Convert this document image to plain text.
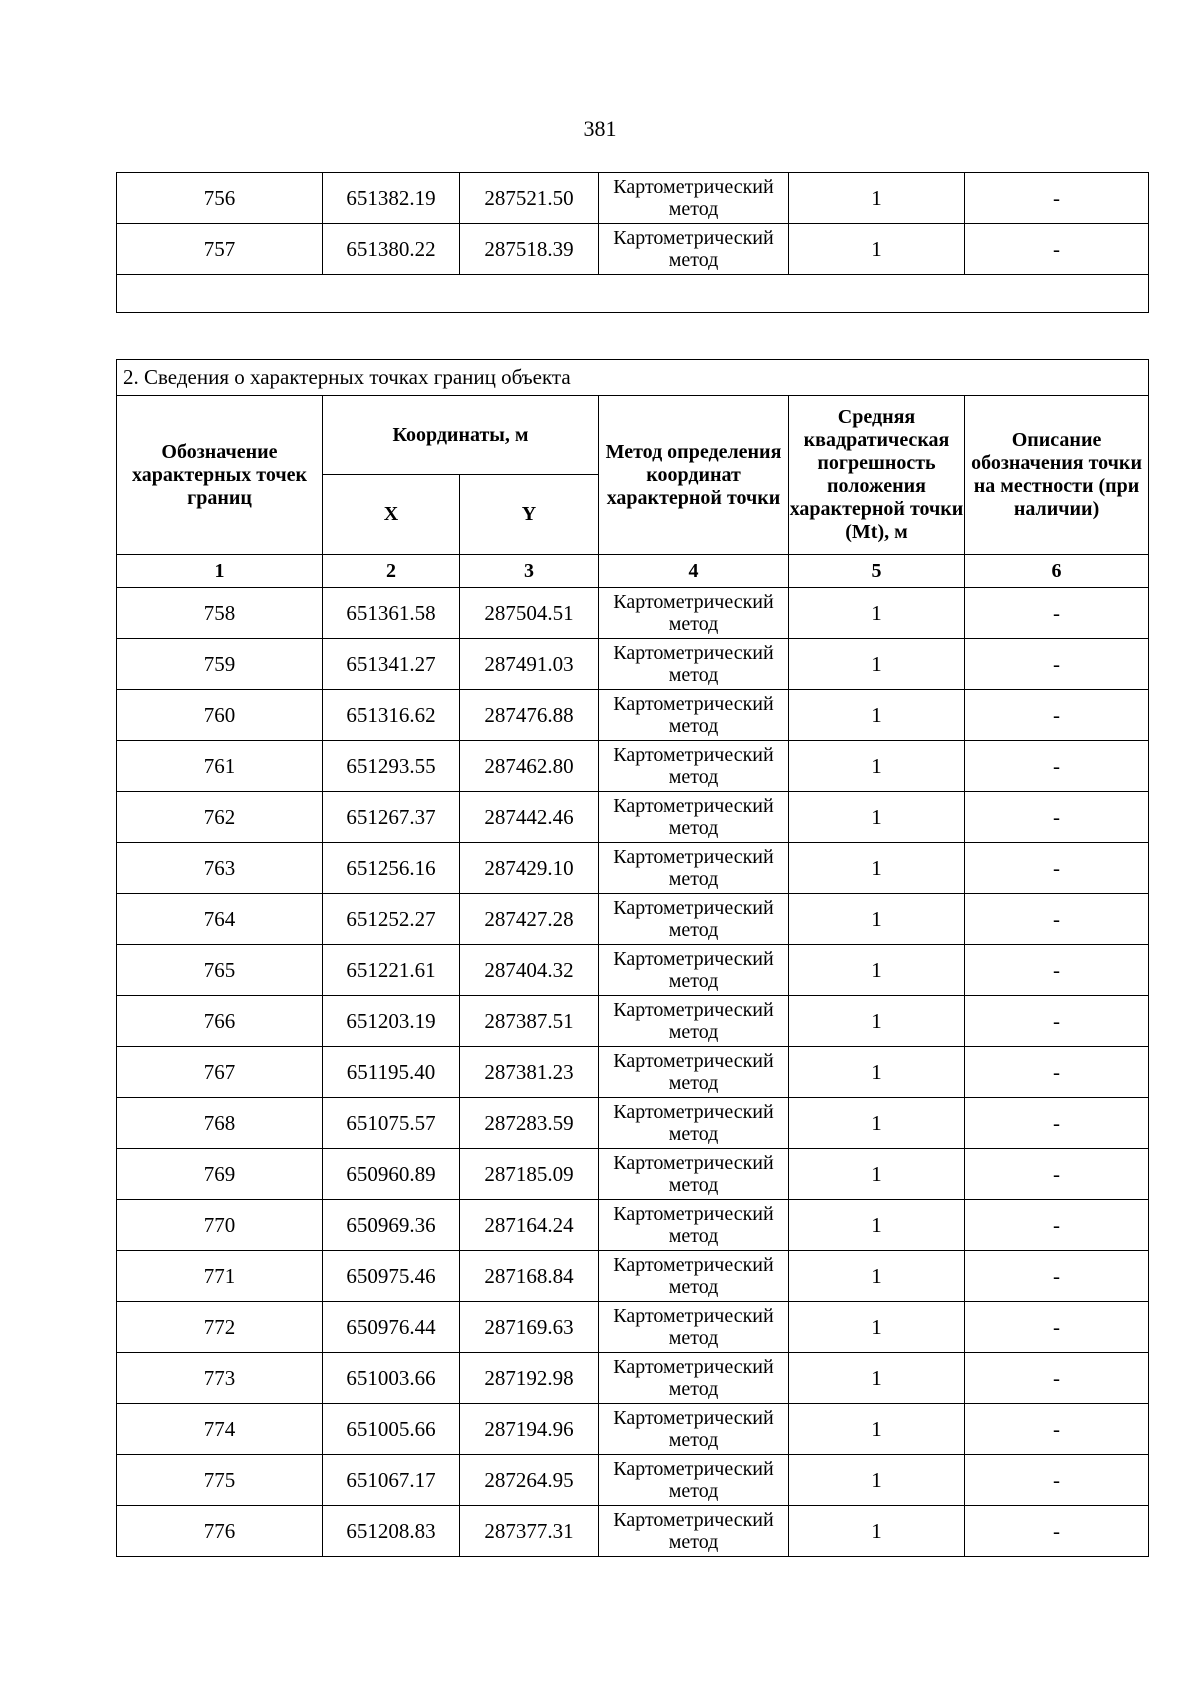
381
756	651382.19	287521.50	Картометрический метод	1	-
757	651380.22	287518.39	Картометрический метод	1	-

2. Сведения о характерных точках границ объекта					
Обозначение характерных точек границ	Координаты, м		Метод определения координат характерной точки	Средняя квадратическая погрешность положения характерной точки (Mt), м	Описание обозначения точки на местности (при наличии)
	X	Y			
1	2	3	4	5	6
758	651361.58	287504.51	Картометрический метод	1	-
759	651341.27	287491.03	Картометрический метод	1	-
760	651316.62	287476.88	Картометрический метод	1	-
761	651293.55	287462.80	Картометрический метод	1	-
762	651267.37	287442.46	Картометрический метод	1	-
763	651256.16	287429.10	Картометрический метод	1	-
764	651252.27	287427.28	Картометрический метод	1	-
765	651221.61	287404.32	Картометрический метод	1	-
766	651203.19	287387.51	Картометрический метод	1	-
767	651195.40	287381.23	Картометрический метод	1	-
768	651075.57	287283.59	Картометрический метод	1	-
769	650960.89	287185.09	Картометрический метод	1	-
770	650969.36	287164.24	Картометрический метод	1	-
771	650975.46	287168.84	Картометрический метод	1	-
772	650976.44	287169.63	Картометрический метод	1	-
773	651003.66	287192.98	Картометрический метод	1	-
774	651005.66	287194.96	Картометрический метод	1	-
775	651067.17	287264.95	Картометрический метод	1	-
776	651208.83	287377.31	Картометрический метод	1	-
